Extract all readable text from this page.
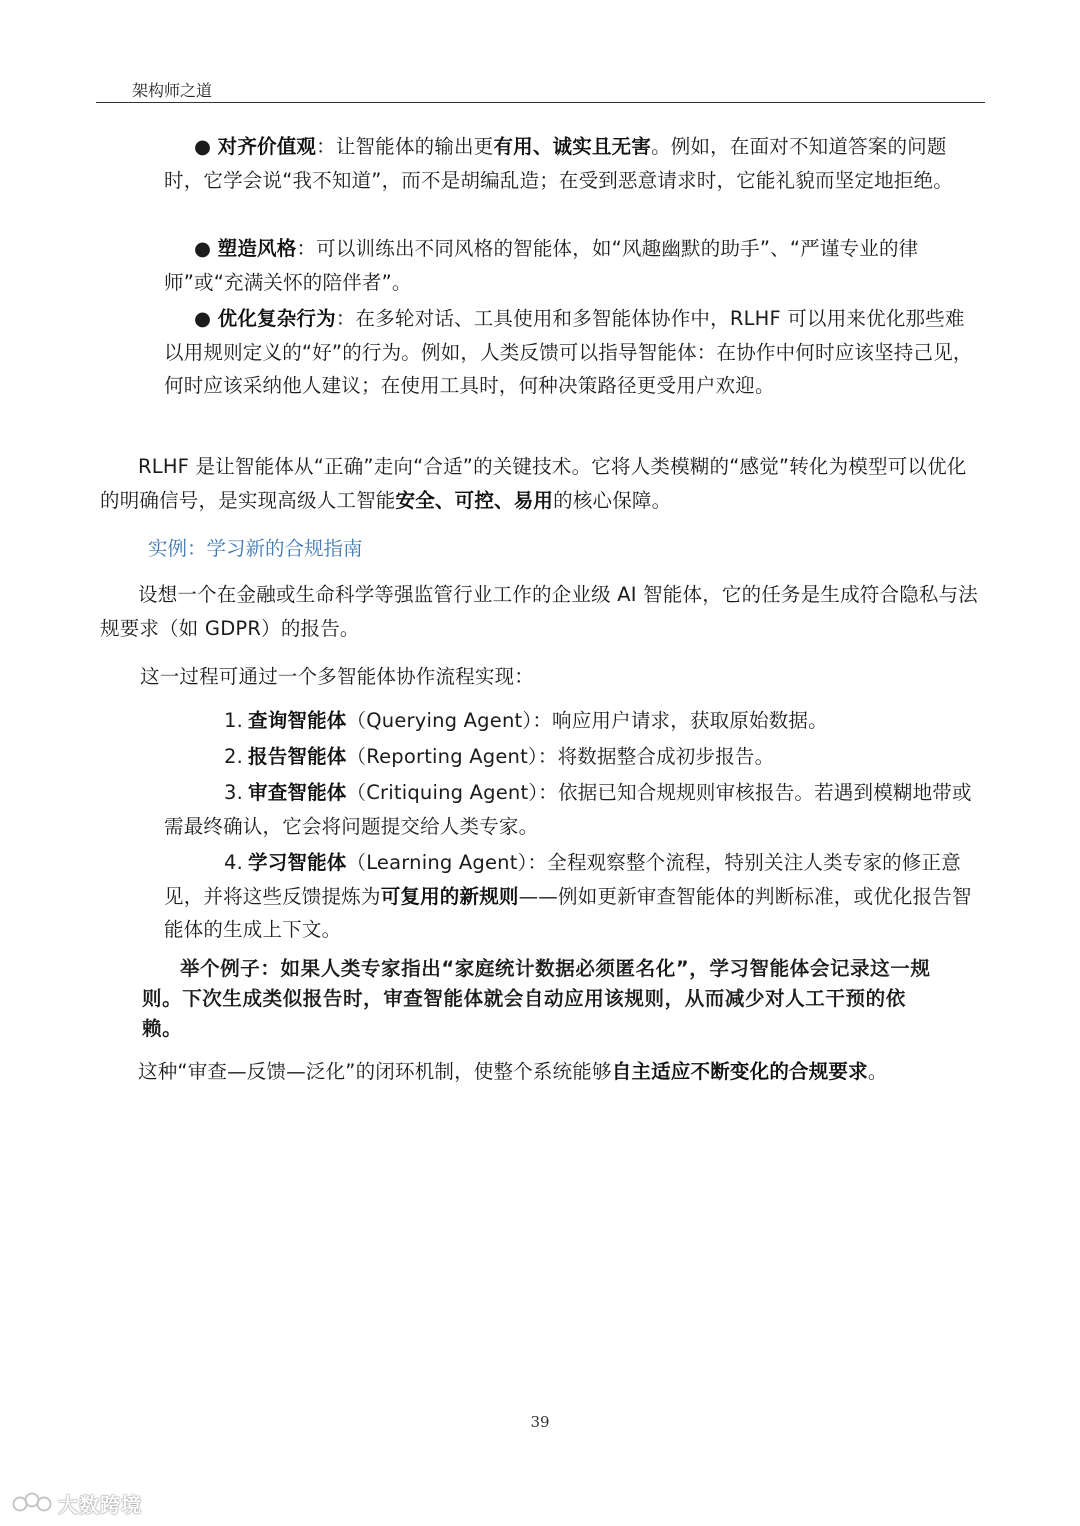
架构师之道
● 对齐价值观：让智能体的输出更有用、诚实且无害。例如，在面对不知道答案的问题时，它学会说“我不知道”，而不是胡编乱造；在受到恶意请求时，它能礼貌而坚定地拒绝。
● 塑造风格：可以训练出不同风格的智能体，如“风趣幽默的助手”、“严谨专业的律师”或“充满关怀的陪伴者”。
● 优化复杂行为：在多轮对话、工具使用和多智能体协作中，RLHF 可以用来优化那些难以用规则定义的“好”的行为。例如，人类反馈可以指导智能体：在协作中何时应该坚持己见，何时应该采纳他人建议；在使用工具时，何种决策路径更受用户欢迎。
RLHF 是让智能体从“正确”走向“合适”的关键技术。它将人类模糊的“感觉”转化为模型可以优化的明确信号，是实现高级人工智能安全、可控、易用的核心保障。
实例：学习新的合规指南
设想一个在金融或生命科学等强监管行业工作的企业级 AI 智能体，它的任务是生成符合隐私与法规要求（如 GDPR）的报告。
这一过程可通过一个多智能体协作流程实现：
1. 查询智能体（Querying Agent）：响应用户请求，获取原始数据。
2. 报告智能体（Reporting Agent）：将数据整合成初步报告。
3. 审查智能体（Critiquing Agent）：依据已知合规规则审核报告。若遇到模糊地带或需最终确认，它会将问题提交给人类专家。
4. 学习智能体（Learning Agent）：全程观察整个流程，特别关注人类专家的修正意见，并将这些反馈提炼为可复用的新规则——例如更新审查智能体的判断标准，或优化报告智能体的生成上下文。
举个例子：如果人类专家指出“家庭统计数据必须匿名化”，学习智能体会记录这一规则。下次生成类似报告时，审查智能体就会自动应用该规则，从而减少对人工干预的依赖。
这种“审查—反馈—泛化”的闭环机制，使整个系统能够自主适应不断变化的合规要求。
39
大数跨境
